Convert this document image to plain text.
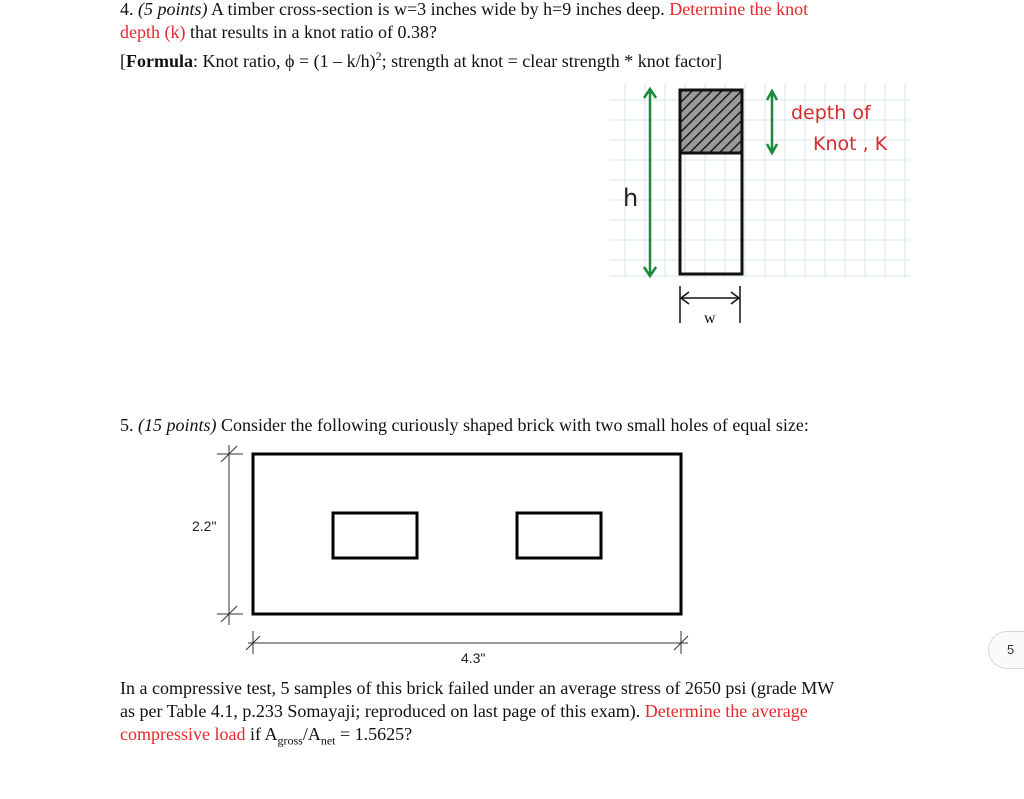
4. (5 points) A timber cross-section is w=3 inches wide by h=9 inches deep. Determine the knot
depth (k) that results in a knot ratio of 0.38?
[Formula: Knot ratio, ϕ = (1 – k/h)$^2$; strength at knot = clear strength * knot factor]
h
depth of
Knot , K
w
5. (15 points) Consider the following curiously shaped brick with two small holes of equal size:
2.2"
4.3"
In a compressive test, 5 samples of this brick failed under an average stress of 2650 psi (grade MW
as per Table 4.1, p.233 Somayaji; reproduced on last page of this exam). Determine the average
compressive load if $A_{gross}/A_{net} = 1.5625$?
5
